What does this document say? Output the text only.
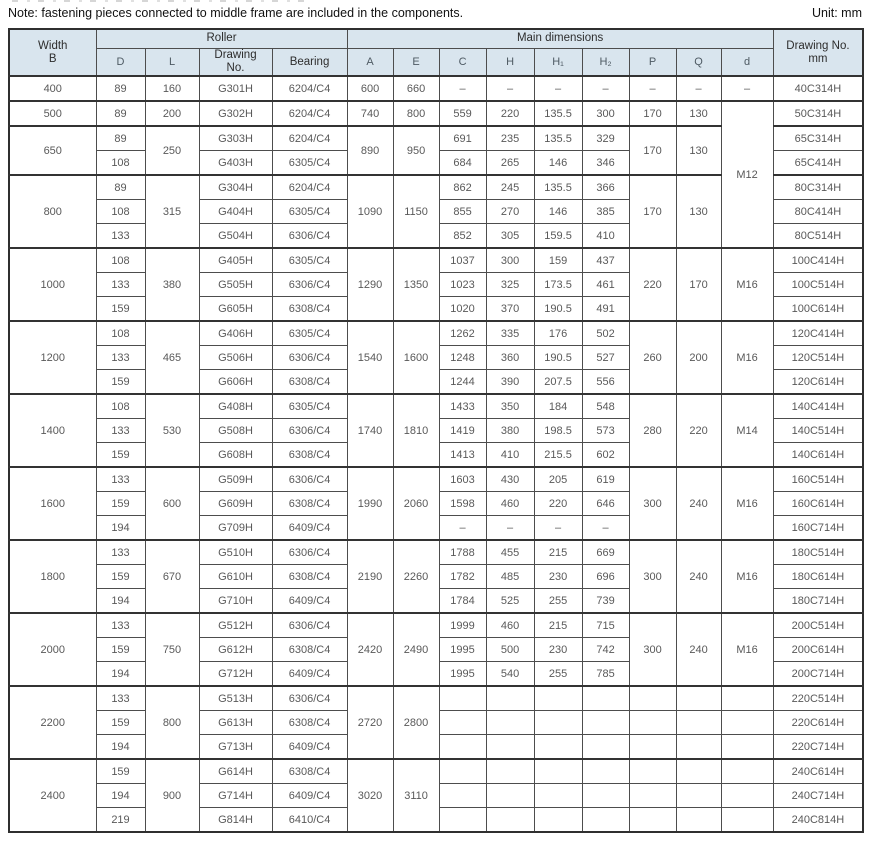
Note: fastening pieces connected to middle frame are included in the components.	Unit: mm
Width
B	Roller				Main dimensions									Drawing No.
mm
	D	L	Drawing
No.	Bearing	A	E	C	H	H₁	H₂	P	Q	d	
400	89	160	G301H	6204/C4	600	660	–	–	–	–	–	–	–	40C314H
500	89	200	G302H	6204/C4	740	800	559	220	135.5	300	170	130	M12	50C314H
650	89	250	G303H	6204/C4	890	950	691	235	135.5	329	170	130		65C314H
	108		G403H	6305/C4			684	265	146	346				65C414H
800	89	315	G304H	6204/C4	1090	1150	862	245	135.5	366	170	130		80C314H
	108		G404H	6305/C4			855	270	146	385				80C414H
	133		G504H	6306/C4			852	305	159.5	410				80C514H
1000	108	380	G405H	6305/C4	1290	1350	1037	300	159	437	220	170	M16	100C414H
	133		G505H	6306/C4			1023	325	173.5	461				100C514H
	159		G605H	6308/C4			1020	370	190.5	491				100C614H
1200	108	465	G406H	6305/C4	1540	1600	1262	335	176	502	260	200	M16	120C414H
	133		G506H	6306/C4			1248	360	190.5	527				120C514H
	159		G606H	6308/C4			1244	390	207.5	556				120C614H
1400	108	530	G408H	6305/C4	1740	1810	1433	350	184	548	280	220	M14	140C414H
	133		G508H	6306/C4			1419	380	198.5	573				140C514H
	159		G608H	6308/C4			1413	410	215.5	602				140C614H
1600	133	600	G509H	6306/C4	1990	2060	1603	430	205	619	300	240	M16	160C514H
	159		G609H	6308/C4			1598	460	220	646				160C614H
	194		G709H	6409/C4			–	–	–	–				160C714H
1800	133	670	G510H	6306/C4	2190	2260	1788	455	215	669	300	240	M16	180C514H
	159		G610H	6308/C4			1782	485	230	696				180C614H
	194		G710H	6409/C4			1784	525	255	739				180C714H
2000	133	750	G512H	6306/C4	2420	2490	1999	460	215	715	300	240	M16	200C514H
	159		G612H	6308/C4			1995	500	230	742				200C614H
	194		G712H	6409/C4			1995	540	255	785				200C714H
2200	133	800	G513H	6306/C4	2720	2800								220C514H
	159		G613H	6308/C4										220C614H
	194		G713H	6409/C4										220C714H
2400	159	900	G614H	6308/C4	3020	3110								240C614H
	194		G714H	6409/C4										240C714H
	219		G814H	6410/C4										240C814H
